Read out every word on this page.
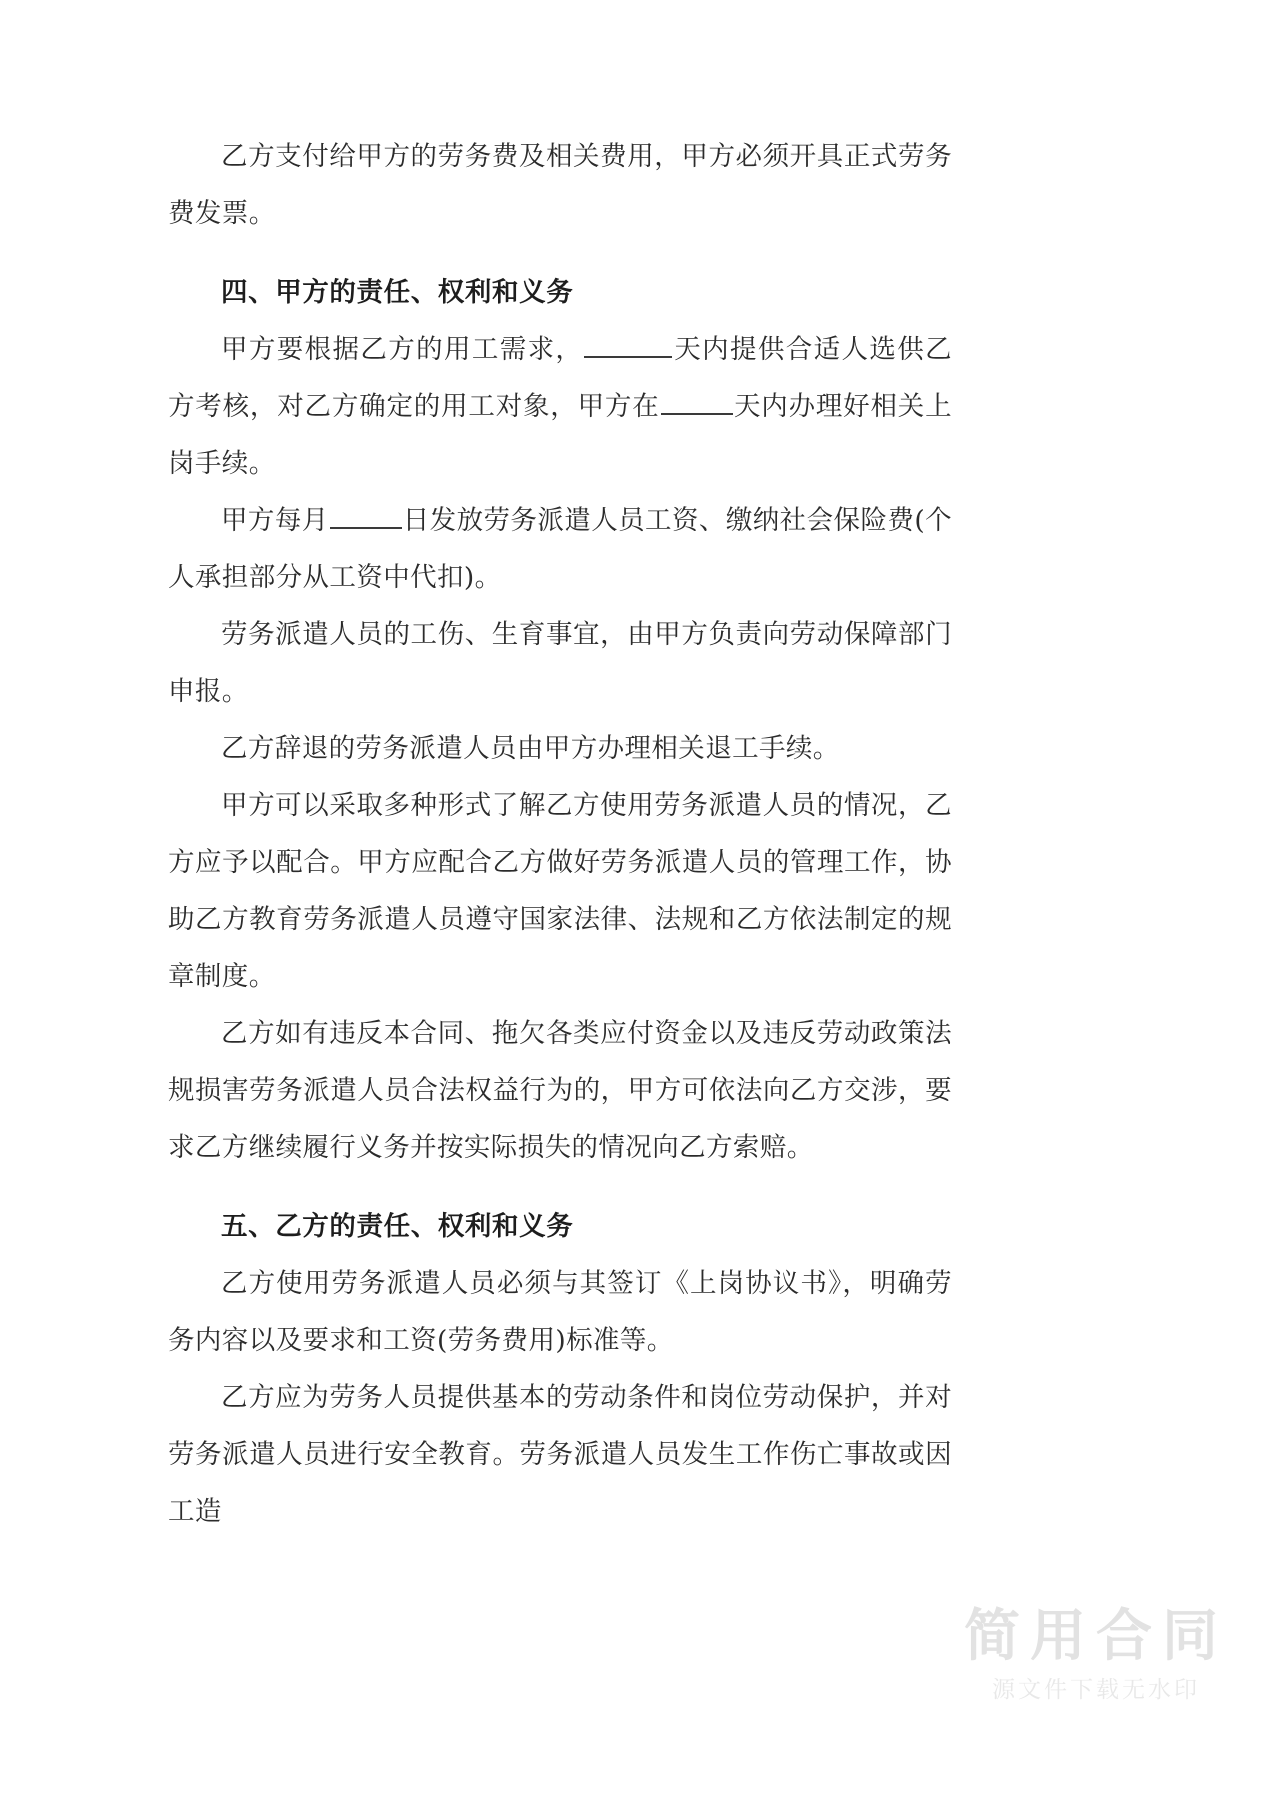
乙方支付给甲方的劳务费及相关费用，甲方必须开具正式劳务费发票。

四、甲方的责任、权利和义务

甲方要根据乙方的用工需求，	天内提供合适人选供乙方考核，对乙方确定的用工对象，甲方在	天内办理好相关上岗手续。

甲方每月	日发放劳务派遣人员工资、缴纳社会保险费(个人承担部分从工资中代扣)。

劳务派遣人员的工伤、生育事宜，由甲方负责向劳动保障部门申报。

乙方辞退的劳务派遣人员由甲方办理相关退工手续。

甲方可以采取多种形式了解乙方使用劳务派遣人员的情况，乙方应予以配合。甲方应配合乙方做好劳务派遣人员的管理工作，协助乙方教育劳务派遣人员遵守国家法律、法规和乙方依法制定的规章制度。

乙方如有违反本合同、拖欠各类应付资金以及违反劳动政策法规损害劳务派遣人员合法权益行为的，甲方可依法向乙方交涉，要求乙方继续履行义务并按实际损失的情况向乙方索赔。

五、乙方的责任、权利和义务

乙方使用劳务派遣人员必须与其签订《上岗协议书》，明确劳务内容以及要求和工资(劳务费用)标准等。

乙方应为劳务人员提供基本的劳动条件和岗位劳动保护，并对劳务派遣人员进行安全教育。劳务派遣人员发生工作伤亡事故或因工造

简用合同
源文件下载无水印
